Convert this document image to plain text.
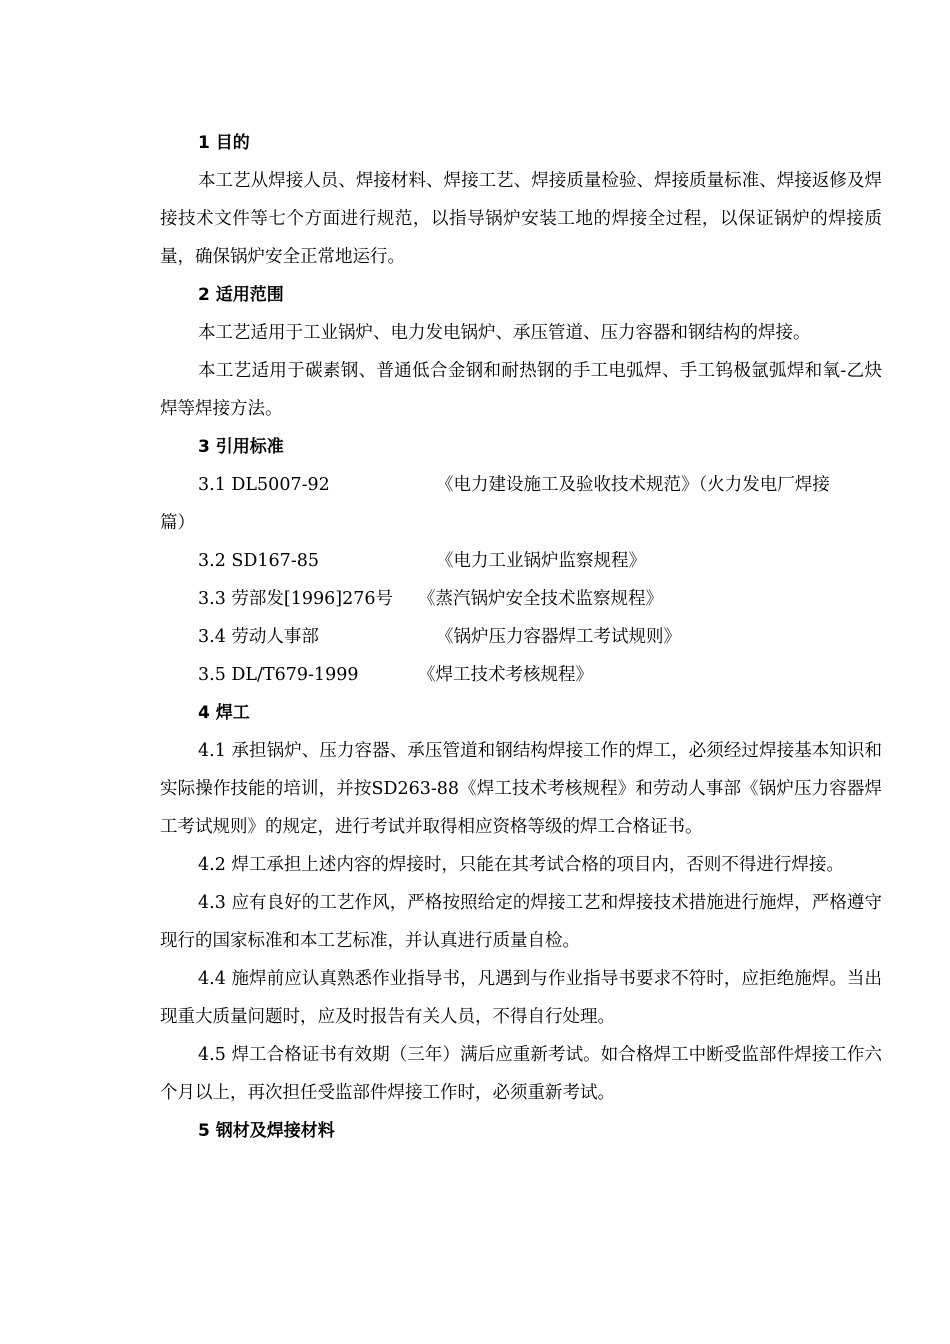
1 目的

本工艺从焊接人员、焊接材料、焊接工艺、焊接质量检验、焊接质量标准、焊接返修及焊接技术文件等七个方面进行规范，以指导锅炉安装工地的焊接全过程，以保证锅炉的焊接质量，确保锅炉安全正常地运行。

2 适用范围

本工艺适用于工业锅炉、电力发电锅炉、承压管道、压力容器和钢结构的焊接。

本工艺适用于碳素钢、普通低合金钢和耐热钢的手工电弧焊、手工钨极氩弧焊和氧-乙炔焊等焊接方法。

3 引用标准
3.1 DL5007-92	《电力建设施工及验收技术规范》（火力发电厂焊接
篇）
3.2 SD167-85	《电力工业锅炉监察规程》
3.3 劳部发[1996]276号 《蒸汽锅炉安全技术监察规程》
3.4 劳动人事部	《锅炉压力容器焊工考试规则》
3.5 DL/T679-1999	《焊工技术考核规程》
4 焊工

4.1 承担锅炉、压力容器、承压管道和钢结构焊接工作的焊工，必须经过焊接基本知识和实际操作技能的培训，并按SD263-88《焊工技术考核规程》和劳动人事部《锅炉压力容器焊工考试规则》的规定，进行考试并取得相应资格等级的焊工合格证书。

4.2 焊工承担上述内容的焊接时，只能在其考试合格的项目内，否则不得进行焊接。

4.3 应有良好的工艺作风，严格按照给定的焊接工艺和焊接技术措施进行施焊，严格遵守现行的国家标准和本工艺标准，并认真进行质量自检。

4.4 施焊前应认真熟悉作业指导书，凡遇到与作业指导书要求不符时，应拒绝施焊。当出现重大质量问题时，应及时报告有关人员，不得自行处理。

4.5 焊工合格证书有效期（三年）满后应重新考试。如合格焊工中断受监部件焊接工作六个月以上，再次担任受监部件焊接工作时，必须重新考试。

5 钢材及焊接材料
